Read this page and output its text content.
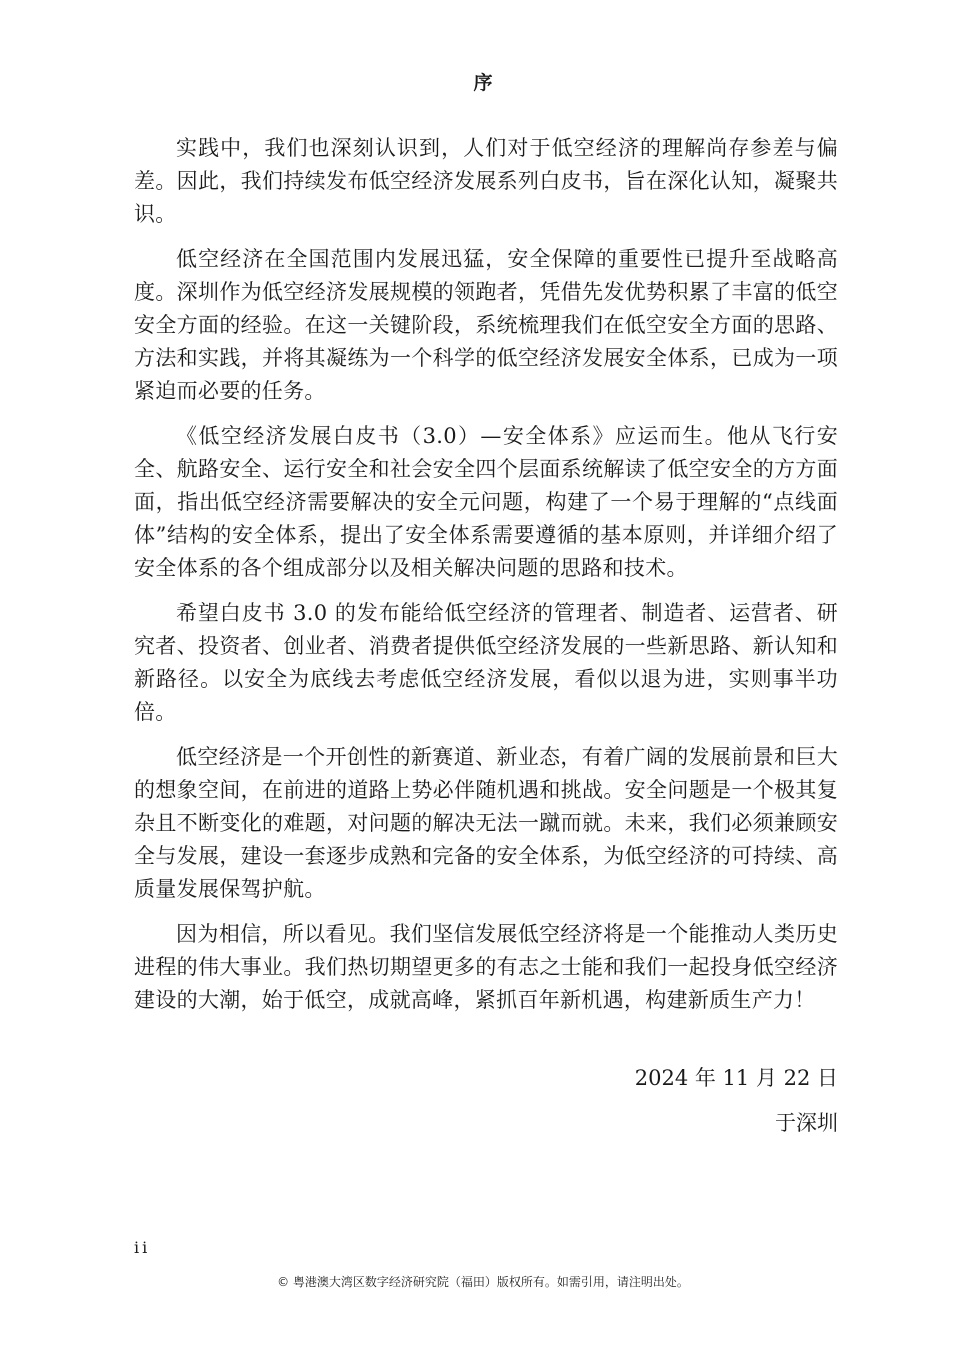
序

实践中，我们也深刻认识到，人们对于低空经济的理解尚存参差与偏差。因此，我们持续发布低空经济发展系列白皮书，旨在深化认知，凝聚共识。

低空经济在全国范围内发展迅猛，安全保障的重要性已提升至战略高度。深圳作为低空经济发展规模的领跑者，凭借先发优势积累了丰富的低空安全方面的经验。在这一关键阶段，系统梳理我们在低空安全方面的思路、方法和实践，并将其凝练为一个科学的低空经济发展安全体系，已成为一项紧迫而必要的任务。

《低空经济发展白皮书（3.0）—安全体系》应运而生。他从飞行安全、航路安全、运行安全和社会安全四个层面系统解读了低空安全的方方面面，指出低空经济需要解决的安全元问题，构建了一个易于理解的“点线面体”结构的安全体系，提出了安全体系需要遵循的基本原则，并详细介绍了安全体系的各个组成部分以及相关解决问题的思路和技术。

希望白皮书 3.0 的发布能给低空经济的管理者、制造者、运营者、研究者、投资者、创业者、消费者提供低空经济发展的一些新思路、新认知和新路径。以安全为底线去考虑低空经济发展，看似以退为进，实则事半功倍。

低空经济是一个开创性的新赛道、新业态，有着广阔的发展前景和巨大的想象空间，在前进的道路上势必伴随机遇和挑战。安全问题是一个极其复杂且不断变化的难题，对问题的解决无法一蹴而就。未来，我们必须兼顾安全与发展，建设一套逐步成熟和完备的安全体系，为低空经济的可持续、高质量发展保驾护航。

因为相信，所以看见。我们坚信发展低空经济将是一个能推动人类历史进程的伟大事业。我们热切期望更多的有志之士能和我们一起投身低空经济建设的大潮，始于低空，成就高峰，紧抓百年新机遇，构建新质生产力！

2024 年 11 月 22 日
于深圳
ii
© 粤港澳大湾区数字经济研究院（福田）版权所有。如需引用，请注明出处。
